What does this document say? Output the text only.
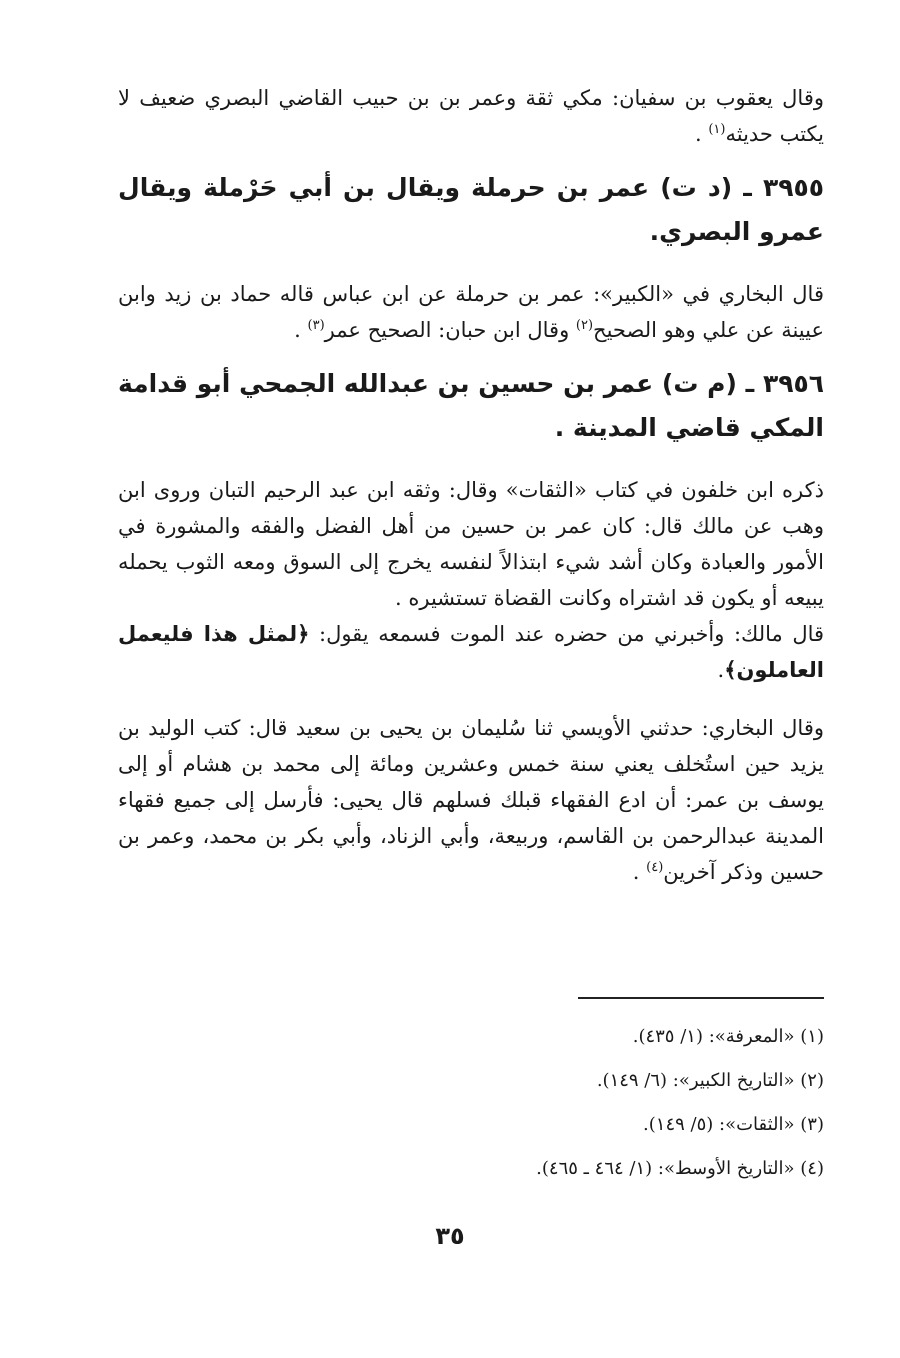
وقال يعقوب بن سفيان: مكي ثقة وعمر بن بن حبيب القاضي البصري ضعيف لا يكتب حديثه$^{(١)}$ .

٣٩٥٥ ـ (د ت) عمر بن حرملة ويقال بن أبي حَرْملة ويقال عمرو البصري.

قال البخاري في «الكبير»: عمر بن حرملة عن ابن عباس قاله حماد بن زيد وابن عيينة عن علي وهو الصحيح$^{(٢)}$ وقال ابن حبان: الصحيح عمر$^{(٣)}$ .

٣٩٥٦ ـ (م ت) عمر بن حسين بن عبدالله الجمحي أبو قدامة المكي قاضي المدينة .

ذكره ابن خلفون في كتاب «الثقات» وقال: وثقه ابن عبد الرحيم التبان وروى ابن وهب عن مالك قال: كان عمر بن حسين من أهل الفضل والفقه والمشورة في الأمور والعبادة وكان أشد شيء ابتذالاً لنفسه يخرج إلى السوق ومعه الثوب يحمله يبيعه أو يكون قد اشتراه وكانت القضاة تستشيره .

قال مالك: وأخبرني من حضره عند الموت فسمعه يقول: ﴿لمثل هذا فليعمل العاملون﴾.

وقال البخاري: حدثني الأويسي ثنا سُليمان بن يحيى بن سعيد قال: كتب الوليد بن يزيد حين استُخلف يعني سنة خمس وعشرين ومائة إلى محمد بن هشام أو إلى يوسف بن عمر: أن ادع الفقهاء قبلك فسلهم قال يحيى: فأرسل إلى جميع فقهاء المدينة عبدالرحمن بن القاسم، وربيعة، وأبي الزناد، وأبي بكر بن محمد، وعمر بن حسين وذكر آخرين$^{(٤)}$ .

(١) «المعرفة»: (١/ ٤٣٥).
(٢) «التاريخ الكبير»: (٦/ ١٤٩).
(٣) «الثقات»: (٥/ ١٤٩).
(٤) «التاريخ الأوسط»: (١/ ٤٦٤ ـ ٤٦٥).
٣٥
